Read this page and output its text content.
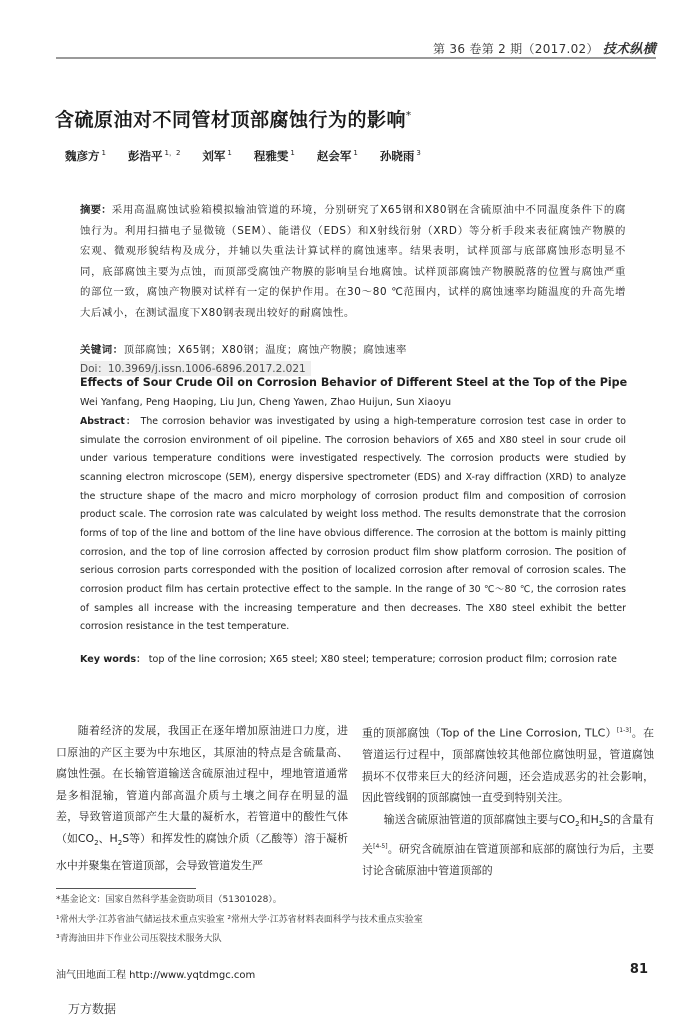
第 36 卷第 2 期（2017.02） 技术纵横
含硫原油对不同管材顶部腐蚀行为的影响*
魏彦方 $^1$ 彭浩平 $^{1,2}$ 刘军 $^1$ 程雅雯 $^1$ 赵会军 $^1$ 孙晓雨 $^3$
摘要：采用高温腐蚀试验箱模拟输油管道的环境，分别研究了X65钢和X80钢在含硫原油中不同温度条件下的腐蚀行为。利用扫描电子显微镜（SEM）、能谱仪（EDS）和X射线衍射（XRD）等分析手段来表征腐蚀产物膜的宏观、微观形貌结构及成分，并辅以失重法计算试样的腐蚀速率。结果表明，试样顶部与底部腐蚀形态明显不同，底部腐蚀主要为点蚀，而顶部受腐蚀产物膜的影响呈台地腐蚀。试样顶部腐蚀产物膜脱落的位置与腐蚀严重的部位一致，腐蚀产物膜对试样有一定的保护作用。在30～80 ℃范围内，试样的腐蚀速率均随温度的升高先增大后减小，在测试温度下X80钢表现出较好的耐腐蚀性。
关键词：顶部腐蚀；X65钢；X80钢；温度；腐蚀产物膜；腐蚀速率
Doi：10.3969/j.issn.1006-6896.2017.2.021
Effects of Sour Crude Oil on Corrosion Behavior of Different Steel at the Top of the Pipe
Wei Yanfang, Peng Haoping, Liu Jun, Cheng Yawen, Zhao Huijun, Sun Xiaoyu
Abstract： The corrosion behavior was investigated by using a high-temperature corrosion test case in order to simulate the corrosion environment of oil pipeline. The corrosion behaviors of X65 and X80 steel in sour crude oil under various temperature conditions were investigated respectively. The corrosion products were studied by scanning electron microscope (SEM), energy dispersive spectrometer (EDS) and X-ray diffraction (XRD) to analyze the structure shape of the macro and micro morphology of corrosion product film and composition of corrosion product scale. The corrosion rate was calculated by weight loss method. The results demonstrate that the corrosion forms of top of the line and bottom of the line have obvious difference. The corrosion at the bottom is mainly pitting corrosion, and the top of line corrosion affected by corrosion product film show platform corrosion. The position of serious corrosion parts corresponded with the position of localized corrosion after removal of corrosion scales. The corrosion product film has certain protective effect to the sample. In the range of 30 ℃～80 ℃, the corrosion rates of samples all increase with the increasing temperature and then decreases. The X80 steel exhibit the better corrosion resistance in the test temperature.
Key words： top of the line corrosion; X65 steel; X80 steel; temperature; corrosion product film; corrosion rate

随着经济的发展，我国正在逐年增加原油进口力度，进口原油的产区主要为中东地区，其原油的特点是含硫量高、腐蚀性强。在长输管道输送含硫原油过程中，埋地管道通常是多相混输，管道内部高温介质与土壤之间存在明显的温差，导致管道顶部产生大量的凝析水，若管道中的酸性气体（如$CO_2$、$H_2S$等）和挥发性的腐蚀介质（乙酸等）溶于凝析水中并聚集在管道顶部，会导致管道发生严

重的顶部腐蚀（Top of the Line Corrosion, TLC）[1-3]。在管道运行过程中，顶部腐蚀较其他部位腐蚀明显，管道腐蚀损坏不仅带来巨大的经济问题，还会造成恶劣的社会影响，因此管线钢的顶部腐蚀一直受到特别关注。

输送含硫原油管道的顶部腐蚀主要与$CO_2$和$H_2S$的含量有关[4-5]。研究含硫原油在管道顶部和底部的腐蚀行为后，主要讨论含硫原油中管道顶部的

*基金论文：国家自然科学基金资助项目（51301028）。
¹常州大学·江苏省油气储运技术重点实验室 ²常州大学·江苏省材料表面科学与技术重点实验室
³青海油田井下作业公司压裂技术服务大队
油气田地面工程 http://www.yqtdmgc.com	81
万方数据
